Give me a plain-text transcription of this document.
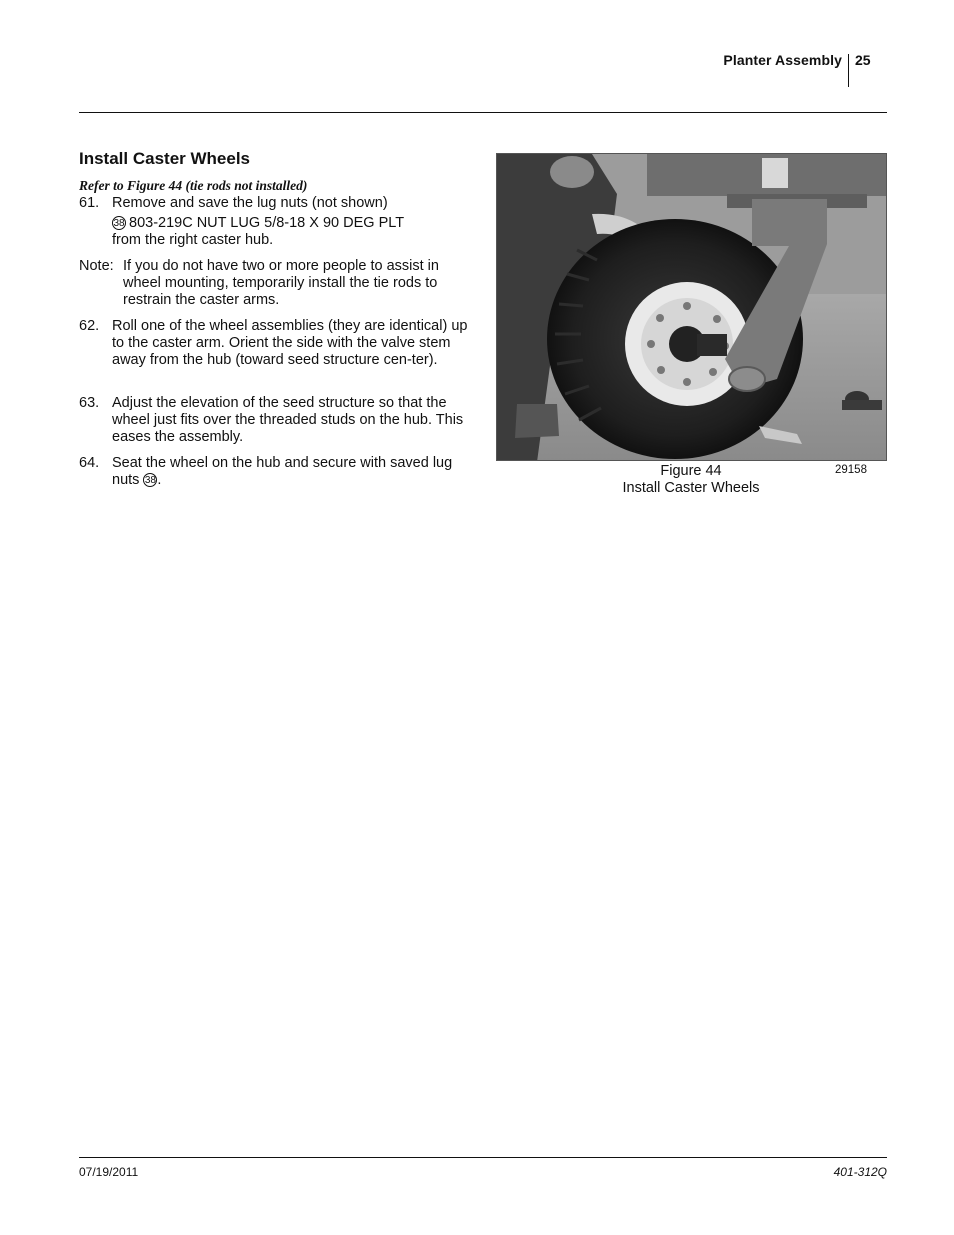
Planter Assembly 25
Install Caster Wheels
Refer to Figure 44 (tie rods not installed)
61. Remove and save the lug nuts (not shown)
38 803-219C NUT LUG 5/8-18 X 90 DEG PLT
from the right caster hub.
Note: If you do not have two or more people to assist in wheel mounting, temporarily install the tie rods to restrain the caster arms.
62. Roll one of the wheel assemblies (they are identical) up to the caster arm. Orient the side with the valve stem away from the hub (toward seed structure cen-ter).
63. Adjust the elevation of the seed structure so that the wheel just fits over the threaded studs on the hub. This eases the assembly.
64. Seat the wheel on the hub and secure with saved lug nuts 38.
Figure 44
Install Caster Wheels
29158
07/19/2011	401-312Q
